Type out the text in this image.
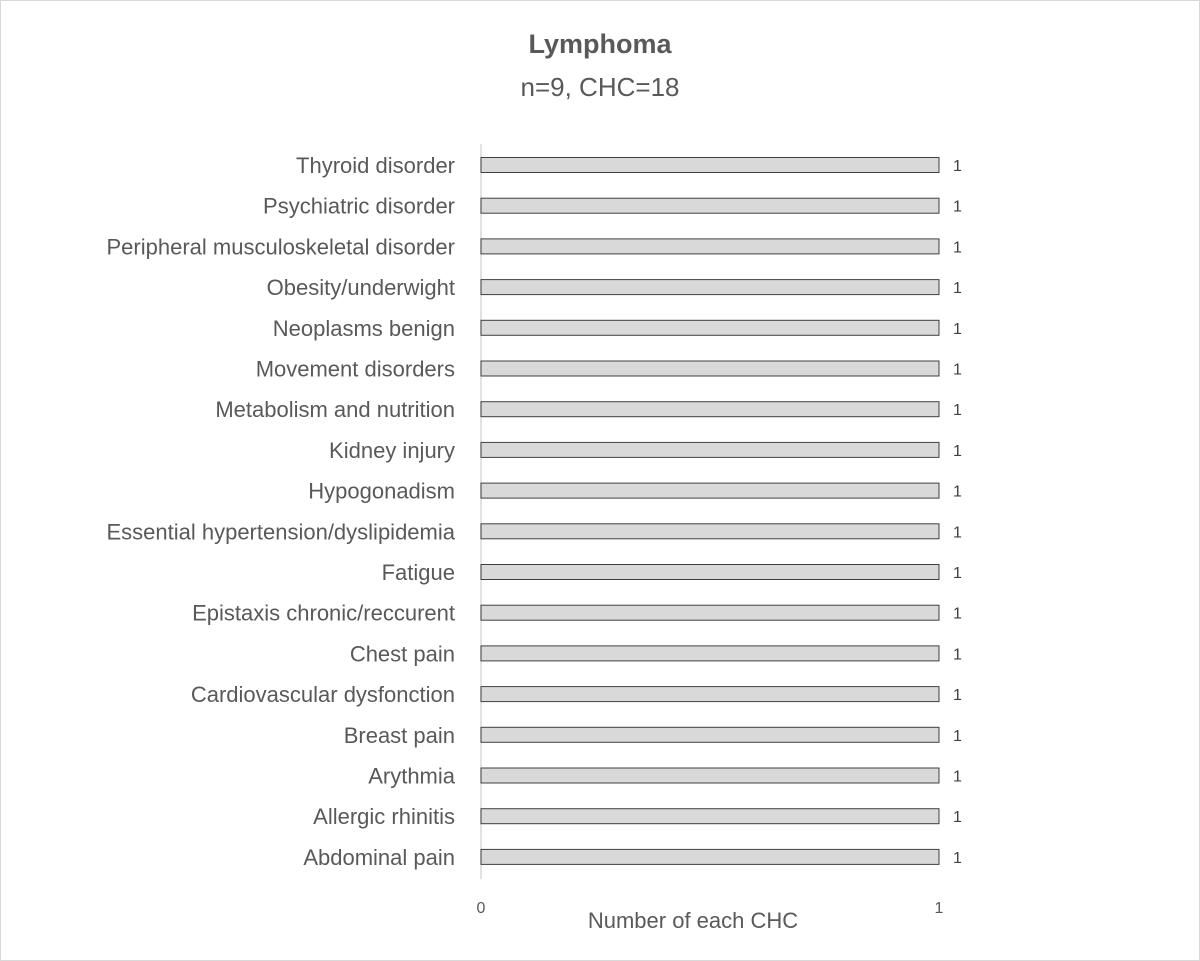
Lymphoma
n=9, CHC=18
Thyroid disorder
Psychiatric disorder
Peripheral musculoskeletal disorder
Obesity/underwight
Neoplasms benign
Movement disorders
Metabolism and nutrition
Kidney injury
Hypogonadism
Essential hypertension/dyslipidemia
Fatigue
Epistaxis chronic/reccurent
Chest pain
Cardiovascular dysfonction
Breast pain
Arythmia
Allergic rhinitis
Abdominal pain
1
1
1
1
1
1
1
1
1
1
1
1
1
1
1
1
1
1
0	1
Number of each CHC
